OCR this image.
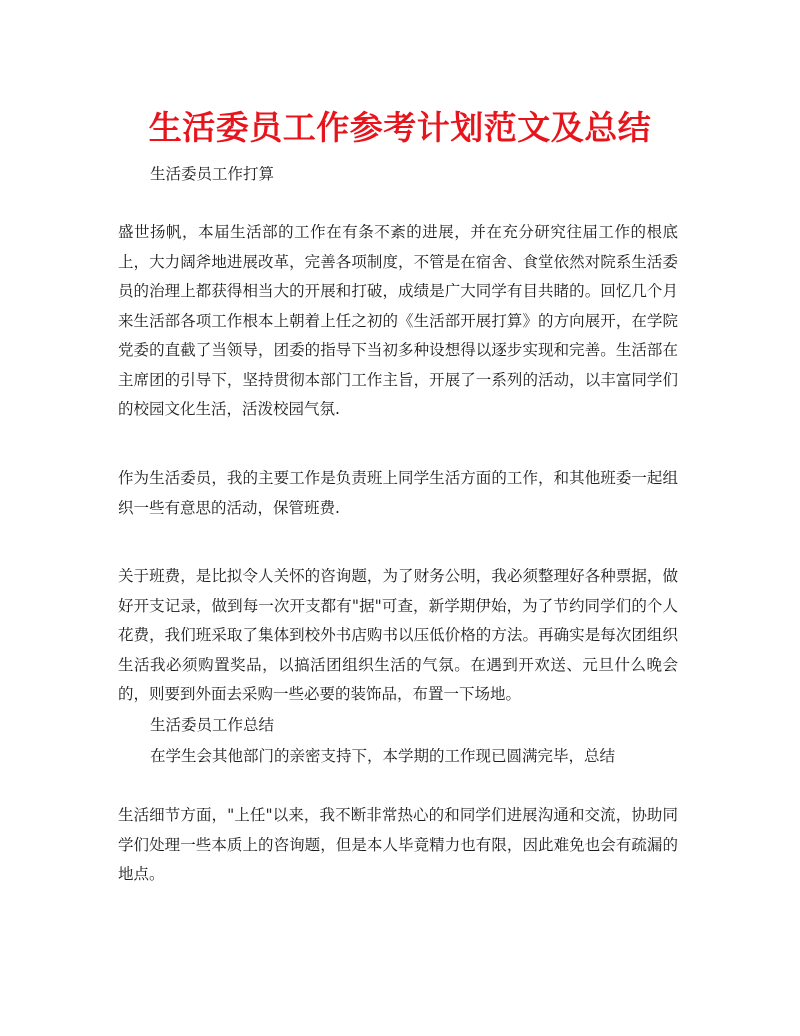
生活委员工作参考计划范文及总结
生活委员工作打算
盛世扬帆，本届生活部的工作在有条不紊的进展，并在充分研究往届工作的根底上，大力阔斧地进展改革，完善各项制度，不管是在宿舍、食堂依然对院系生活委员的治理上都获得相当大的开展和打破，成绩是广大同学有目共睹的。回忆几个月来生活部各项工作根本上朝着上任之初的《生活部开展打算》的方向展开，在学院党委的直截了当领导，团委的指导下当初多种设想得以逐步实现和完善。生活部在主席团的引导下，坚持贯彻本部门工作主旨，开展了一系列的活动，以丰富同学们的校园文化生活，活泼校园气氛.
作为生活委员，我的主要工作是负责班上同学生活方面的工作，和其他班委一起组织一些有意思的活动，保管班费.
关于班费，是比拟令人关怀的咨询题，为了财务公明，我必须整理好各种票据，做好开支记录，做到每一次开支都有"据"可查，新学期伊始，为了节约同学们的个人花费，我们班采取了集体到校外书店购书以压低价格的方法。再确实是每次团组织生活我必须购置奖品，以搞活团组织生活的气氛。在遇到开欢送、元旦什么晚会的，则要到外面去采购一些必要的装饰品，布置一下场地。
生活委员工作总结
在学生会其他部门的亲密支持下，本学期的工作现已圆满完毕，总结
生活细节方面，"上任"以来，我不断非常热心的和同学们进展沟通和交流，协助同学们处理一些本质上的咨询题，但是本人毕竟精力也有限，因此难免也会有疏漏的地点。
